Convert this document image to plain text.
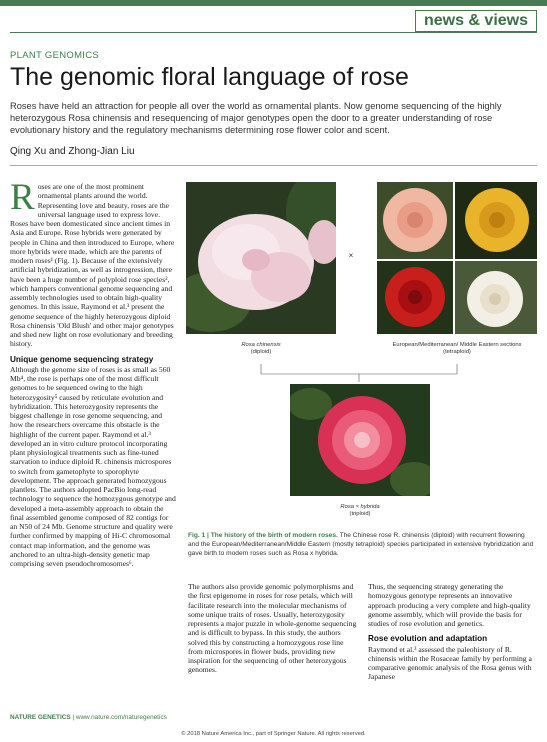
news & views
PLANT GENOMICS
The genomic floral language of rose
Roses have held an attraction for people all over the world as ornamental plants. Now genome sequencing of the highly heterozygous Rosa chinensis and resequencing of major genotypes open the door to a greater understanding of rose evolutionary history and the regulatory mechanisms determining rose flower color and scent.
Qing Xu and Zhong-Jian Liu
R oses are one of the most prominent ornamental plants around the world. Representing love and beauty, roses are the universal language used to express love. Roses have been domesticated since ancient times in Asia and Europe. Rose hybrids were generated by people in China and then introduced to Europe, where more hybrids were made, which are the parents of modern roses¹ (Fig. 1). Because of the extensively artificial hybridization, as well as introgression, there have been a huge number of polyploid rose species², which hampers conventional genome sequencing and assembly technologies used to obtain high-quality genomes. In this issue, Raymond et al.³ present the genome sequence of the highly heterozygous diploid Rosa chinensis 'Old Blush' and other major genotypes and shed new light on rose evolutionary and breeding history.
Unique genome sequencing strategy
Although the genome size of roses is as small as 560 Mb⁴, the rose is perhaps one of the most difficult genomes to be sequenced owing to the high heterozygosity⁵ caused by reticulate evolution and hybridization. This heterozygosity represents the biggest challenge in rose genome sequencing, and how the researchers overcame this obstacle is the highlight of the current paper. Raymond et al.³ developed an in vitro culture protocol incorporating plant physiological treatments such as fine-tuned starvation to induce diploid R. chinensis microspores to switch from gametophyte to sporophyte development. The approach generated homozygous plantlets. The authors adopted PacBio long-read technology to sequence the homozygous genotype and developed a meta-assembly approach to obtain the final assembled genome composed of 82 contigs for an N50 of 24 Mb. Genome structure and quality were further confirmed by mapping of Hi-C chromosomal contact map information, and the genome was anchored to an ultra-high-density genetic map comprising seven pseudochromosomes⁶.
×
Rosa chinensis
(diploid)
European/Mediterranean/ Middle Eastern sections
(tetraploid)
Rosa × hybrida
(triploid)
Fig. 1 | The history of the birth of modern roses. The Chinese rose R. chinensis (diploid) with recurrent flowering and the European/Mediterranean/Middle Eastern (mostly tetraploid) species participated in extensive hybridization and gave birth to modern roses such as Rosa x hybrida.
The authors also provide genomic polymorphisms and the first epigenome in roses for rose petals, which will facilitate research into the molecular mechanisms of some unique traits of roses. Usually, heterozygosity represents a major puzzle in whole-genome sequencing and is difficult to bypass. In this study, the authors solved this by constructing a homozygous rose line from microspores in flower buds, providing new inspiration for the sequencing of other heterozygous genomes.
Thus, the sequencing strategy generating the homozygous genotype represents an innovative approach producing a very complete and high-quality genome assembly, which will provide the basis for studies of rose evolution and genetics.
Rose evolution and adaptation
Raymond et al.³ assessed the paleohistory of R. chinensis within the Rosaceae family by performing a comparative genomic analysis of the Rosa genus with Japanese
NATURE GENETICS | www.nature.com/naturegenetics
© 2018 Nature America Inc., part of Springer Nature. All rights reserved.
